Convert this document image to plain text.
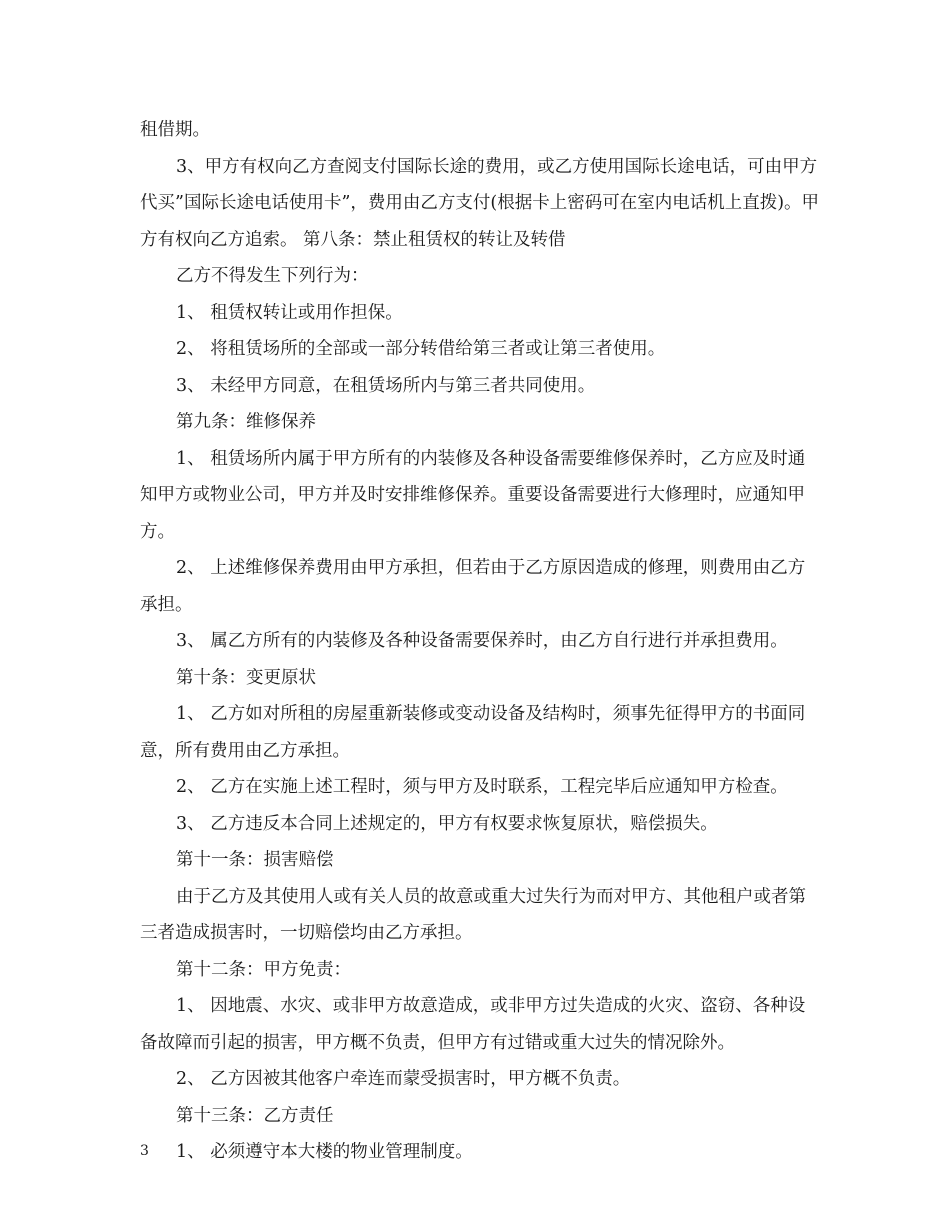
租借期。

3、甲方有权向乙方查阅支付国际长途的费用，或乙方使用国际长途电话，可由甲方代买”国际长途电话使用卡”，费用由乙方支付(根据卡上密码可在室内电话机上直拨)。甲方有权向乙方追索。 第八条：禁止租赁权的转让及转借

乙方不得发生下列行为：

1、 租赁权转让或用作担保。

2、 将租赁场所的全部或一部分转借给第三者或让第三者使用。

3、 未经甲方同意，在租赁场所内与第三者共同使用。

第九条：维修保养

1、 租赁场所内属于甲方所有的内装修及各种设备需要维修保养时，乙方应及时通知甲方或物业公司，甲方并及时安排维修保养。重要设备需要进行大修理时，应通知甲方。

2、 上述维修保养费用由甲方承担，但若由于乙方原因造成的修理，则费用由乙方承担。

3、 属乙方所有的内装修及各种设备需要保养时，由乙方自行进行并承担费用。

第十条：变更原状

1、 乙方如对所租的房屋重新装修或变动设备及结构时，须事先征得甲方的书面同意，所有费用由乙方承担。

2、 乙方在实施上述工程时，须与甲方及时联系，工程完毕后应通知甲方检查。

3、 乙方违反本合同上述规定的，甲方有权要求恢复原状，赔偿损失。

第十一条：损害赔偿

由于乙方及其使用人或有关人员的故意或重大过失行为而对甲方、其他租户或者第三者造成损害时，一切赔偿均由乙方承担。

第十二条：甲方免责：

1、 因地震、水灾、或非甲方故意造成，或非甲方过失造成的火灾、盗窃、各种设备故障而引起的损害，甲方概不负责，但甲方有过错或重大过失的情况除外。

2、 乙方因被其他客户牵连而蒙受损害时，甲方概不负责。

第十三条：乙方责任

1、 必须遵守本大楼的物业管理制度。

3
